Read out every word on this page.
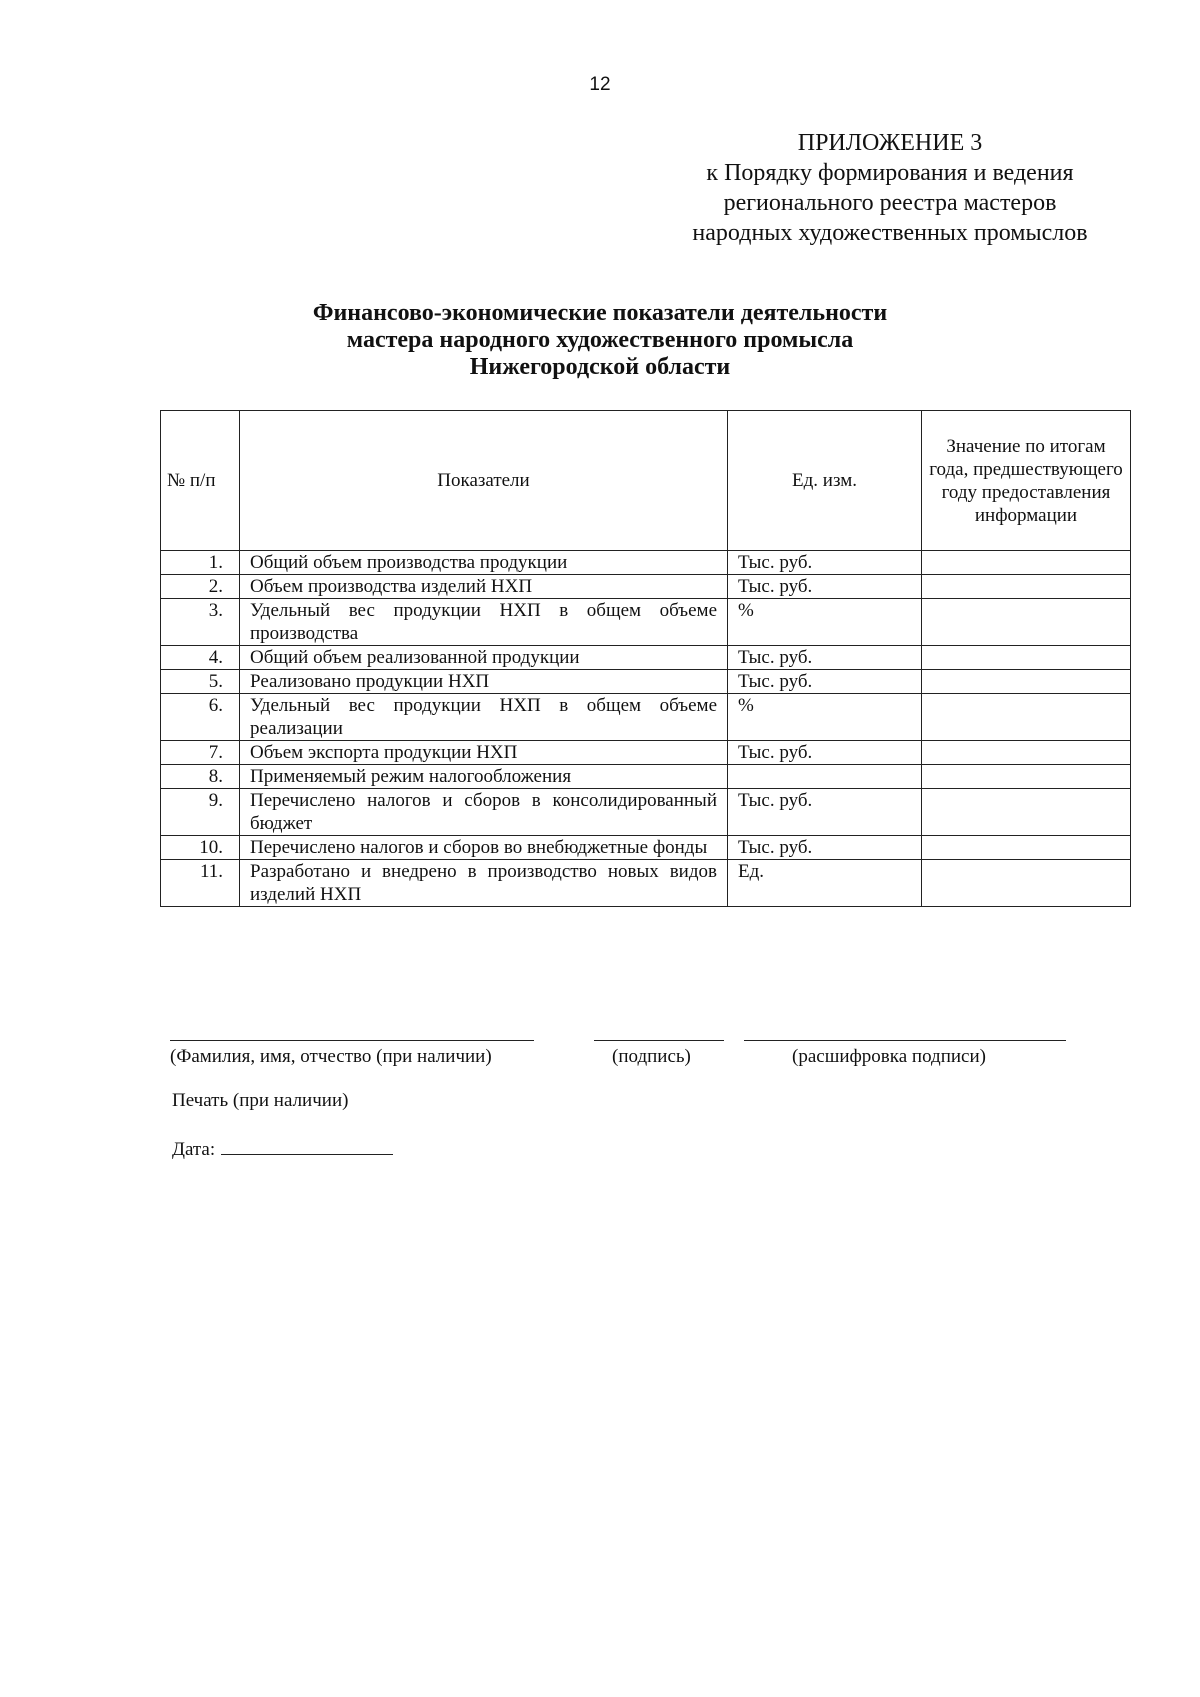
12
ПРИЛОЖЕНИЕ 3
к Порядку формирования и ведения
регионального реестра мастеров
народных художественных промыслов
Финансово-экономические показатели деятельности
мастера народного художественного промысла
Нижегородской области
№ п/п	Показатели	Ед. изм.	Значение по итогам года, предшествующего году предоставления информации
1.	Общий объем производства продукции	Тыс. руб.	
2.	Объем производства изделий НХП	Тыс. руб.	
3.	Удельный вес продукции НХП в общем объеме производства	%	
4.	Общий объем реализованной продукции	Тыс. руб.	
5.	Реализовано продукции НХП	Тыс. руб.	
6.	Удельный вес продукции НХП в общем объеме реализации	%	
7.	Объем экспорта продукции НХП	Тыс. руб.	
8.	Применяемый режим налогообложения		
9.	Перечислено налогов и сборов в консолидированный бюджет	Тыс. руб.	
10.	Перечислено налогов и сборов во внебюджетные фонды	Тыс. руб.	
11.	Разработано и внедрено в производство новых видов изделий НХП	Ед.	
(Фамилия, имя, отчество (при наличии)	(подпись)	(расшифровка подписи)
Печать (при наличии)
Дата:
